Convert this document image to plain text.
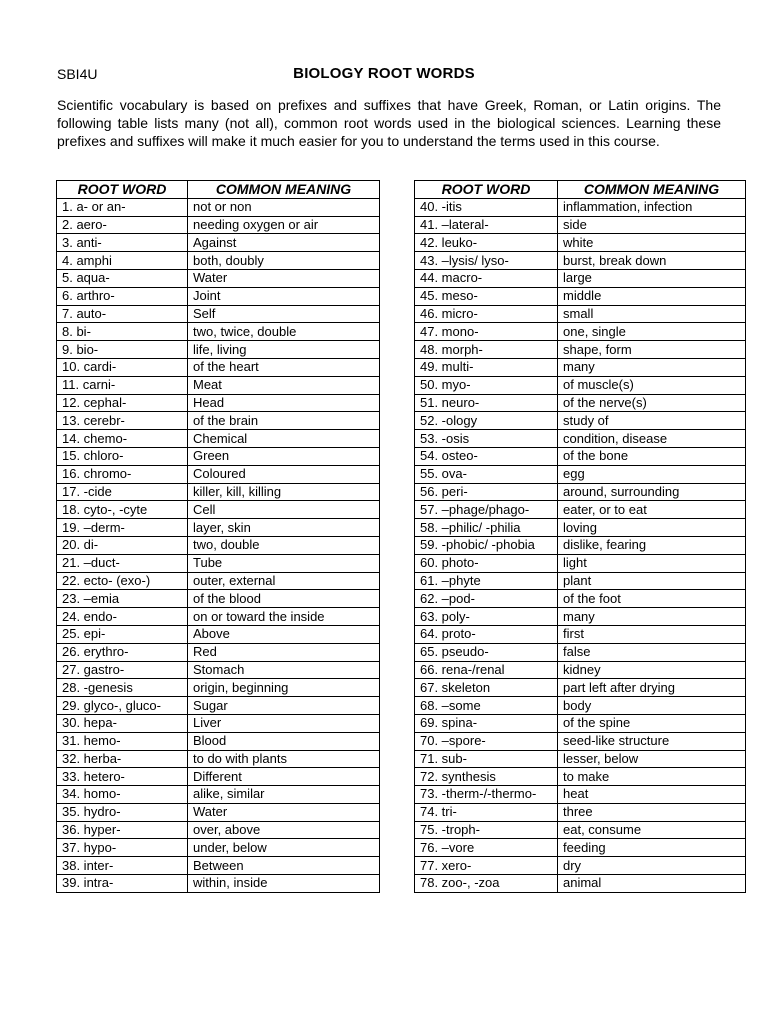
SBI4U	BIOLOGY ROOT WORDS
Scientific vocabulary is based on prefixes and suffixes that have Greek, Roman, or Latin origins. The following table lists many (not all), common root words used in the biological sciences. Learning these prefixes and suffixes will make it much easier for you to understand the terms used in this course.
ROOT WORD	COMMON MEANING
1. a- or an-	not or non
2. aero-	needing oxygen or air
3. anti-	Against
4. amphi	both, doubly
5. aqua-	Water
6. arthro-	Joint
7. auto-	Self
8. bi-	two, twice, double
9. bio-	life, living
10. cardi-	of the heart
11. carni-	Meat
12. cephal-	Head
13. cerebr-	of the brain
14. chemo-	Chemical
15. chloro-	Green
16. chromo-	Coloured
17. -cide	killer, kill, killing
18. cyto-, -cyte	Cell
19. –derm-	layer, skin
20. di-	two, double
21. –duct-	Tube
22. ecto- (exo-)	outer, external
23. –emia	of the blood
24. endo-	on or toward the inside
25. epi-	Above
26. erythro-	Red
27. gastro-	Stomach
28. -genesis	origin, beginning
29. glyco-, gluco-	Sugar
30. hepa-	Liver
31. hemo-	Blood
32. herba-	to do with plants
33. hetero-	Different
34. homo-	alike, similar
35. hydro-	Water
36. hyper-	over, above
37. hypo-	under, below
38. inter-	Between
39. intra-	within, inside
ROOT WORD	COMMON MEANING
40. -itis	inflammation, infection
41. –lateral-	side
42. leuko-	white
43. –lysis/ lyso-	burst, break down
44. macro-	large
45. meso-	middle
46. micro-	small
47. mono-	one, single
48. morph-	shape, form
49. multi-	many
50. myo-	of muscle(s)
51. neuro-	of the nerve(s)
52. -ology	study of
53. -osis	condition, disease
54. osteo-	of the bone
55. ova-	egg
56. peri-	around, surrounding
57. –phage/phago-	eater, or to eat
58. –philic/ -philia	loving
59. -phobic/ -phobia	dislike, fearing
60. photo-	light
61. –phyte	plant
62. –pod-	of the foot
63. poly-	many
64. proto-	first
65. pseudo-	false
66. rena-/renal	kidney
67. skeleton	part left after drying
68. –some	body
69. spina-	of the spine
70. –spore-	seed-like structure
71. sub-	lesser, below
72. synthesis	to make
73. -therm-/-thermo-	heat
74. tri-	three
75. -troph-	eat, consume
76. –vore	feeding
77. xero-	dry
78. zoo-, -zoa	animal
